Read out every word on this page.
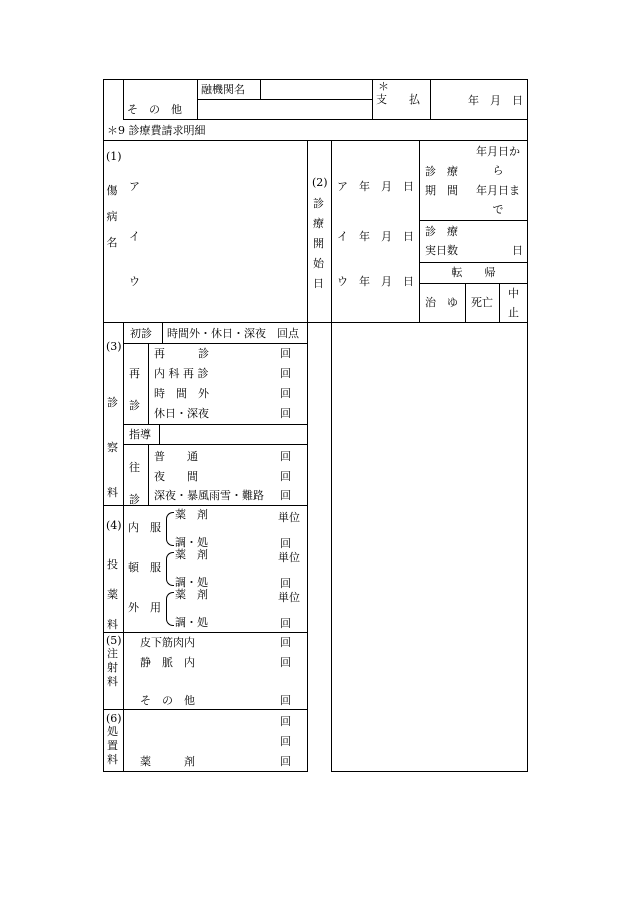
融機関名
そ　の　他
＊
支　　払	年　月　日
＊9 診療費請求明細
(1)
傷病名
ア
イ
ウ
(2)
診療開始日
ア　年　月　日
イ　年　月　日
ウ　年　月　日
診　療
期　間
年月日か
ら
年月日ま
で
診　療
実日数	日
転　　帰
治　ゆ 死亡
中
止
(3)
診察料
初診 時間外・休日・深夜 回点
再診
再　　　診	回
内 科 再 診	回
時　間　外	回
休日・深夜	回
指導
往診
普　　通	回
夜　　間	回
深夜・暴風雨雪・難路 回
(4)
投薬料
内　服
薬　剤	単位
調・処	回
頓　服
薬　剤	単位
調・処	回
外　用
薬　剤	単位
調・処	回
(5)
注射料
皮下筋肉内	回
静　脈　内	回
そ　の　他	回
(6)
処置料
回
回
薬　　　剤	回
